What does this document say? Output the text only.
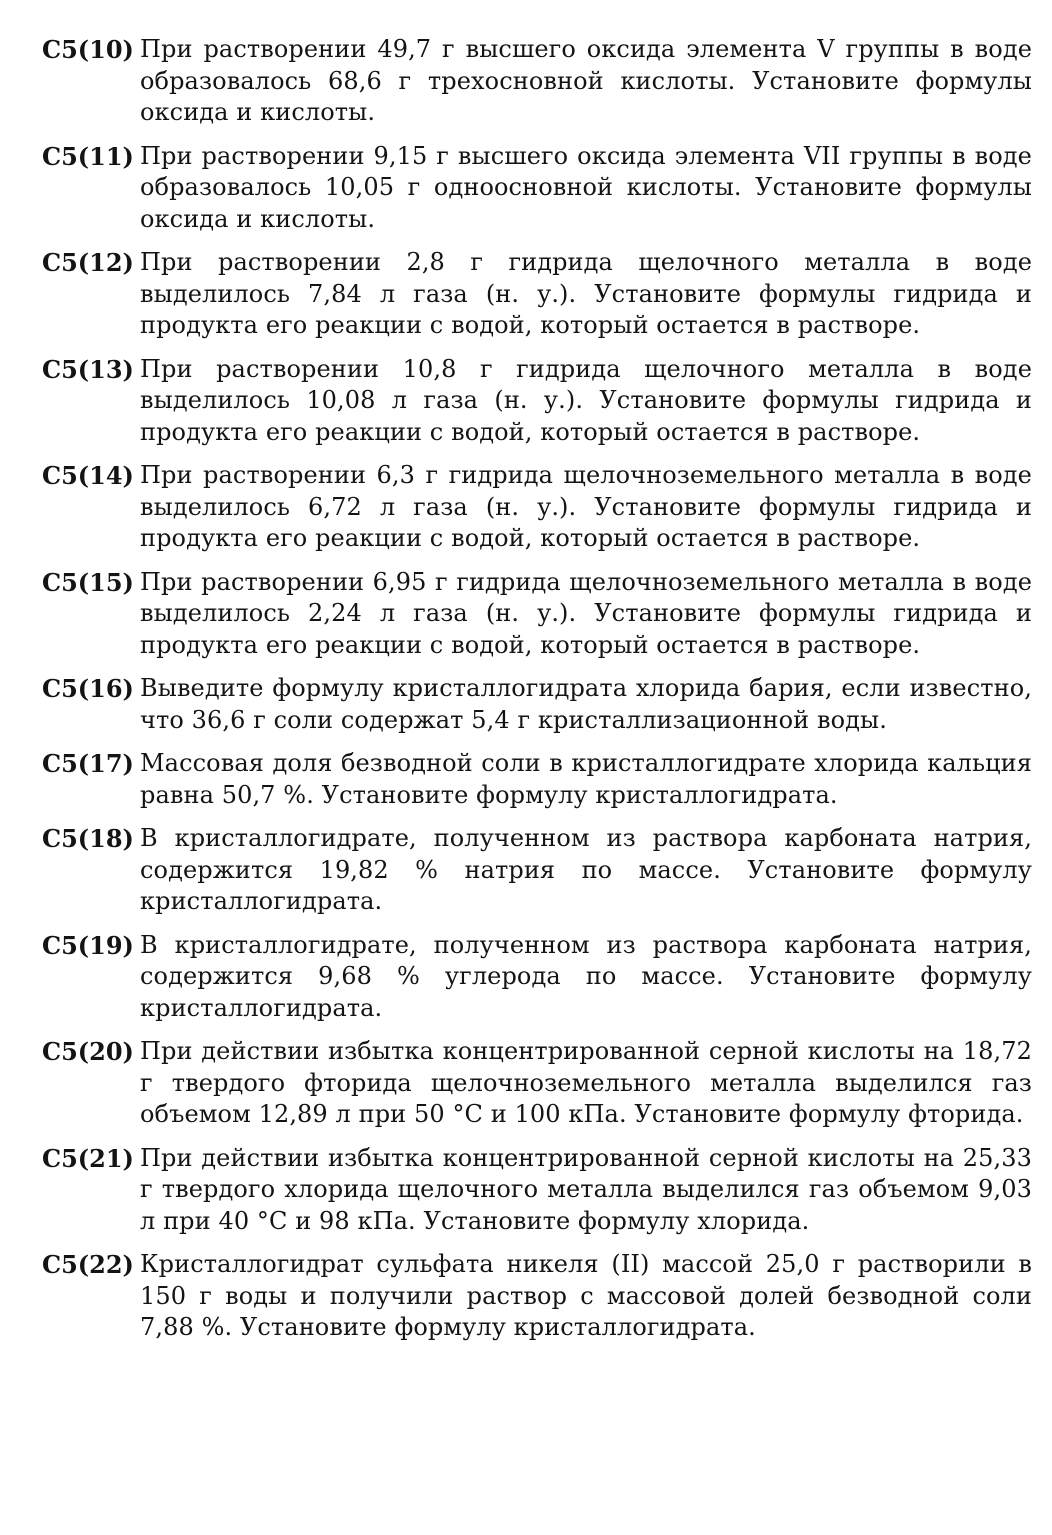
C5(10) При растворении 49,7 г высшего оксида элемента V группы в воде образовалось 68,6 г трехосновной кислоты. Установите формулы оксида и кислоты.
C5(11) При растворении 9,15 г высшего оксида элемента VII группы в воде образовалось 10,05 г одноосновной кислоты. Установите формулы оксида и кислоты.
C5(12) При растворении 2,8 г гидрида щелочного металла в воде выделилось 7,84 л газа (н. у.). Установите формулы гидрида и продукта его реакции с водой, который остается в растворе.
C5(13) При растворении 10,8 г гидрида щелочного металла в воде выделилось 10,08 л газа (н. у.). Установите формулы гидрида и продукта его реакции с водой, который остается в растворе.
C5(14) При растворении 6,3 г гидрида щелочноземельного металла в воде выделилось 6,72 л газа (н. у.). Установите формулы гидрида и продукта его реакции с водой, который остается в растворе.
C5(15) При растворении 6,95 г гидрида щелочноземельного металла в воде выделилось 2,24 л газа (н. у.). Установите формулы гидрида и продукта его реакции с водой, который остается в растворе.
C5(16) Выведите формулу кристаллогидрата хлорида бария, если известно, что 36,6 г соли содержат 5,4 г кристаллизационной воды.
C5(17) Массовая доля безводной соли в кристаллогидрате хлорида кальция равна 50,7 %. Установите формулу кристаллогидрата.
C5(18) В кристаллогидрате, полученном из раствора карбоната натрия, содержится 19,82 % натрия по массе. Установите формулу кристаллогидрата.
C5(19) В кристаллогидрате, полученном из раствора карбоната натрия, содержится 9,68 % углерода по массе. Установите формулу кристаллогидрата.
C5(20) При действии избытка концентрированной серной кислоты на 18,72 г твердого фторида щелочноземельного металла выделился газ объемом 12,89 л при 50 °C и 100 кПа. Установите формулу фторида.
C5(21) При действии избытка концентрированной серной кислоты на 25,33 г твердого хлорида щелочного металла выделился газ объемом 9,03 л при 40 °C и 98 кПа. Установите формулу хлорида.
C5(22) Кристаллогидрат сульфата никеля (II) массой 25,0 г растворили в 150 г воды и получили раствор с массовой долей безводной соли 7,88 %. Установите формулу кристаллогидрата.
